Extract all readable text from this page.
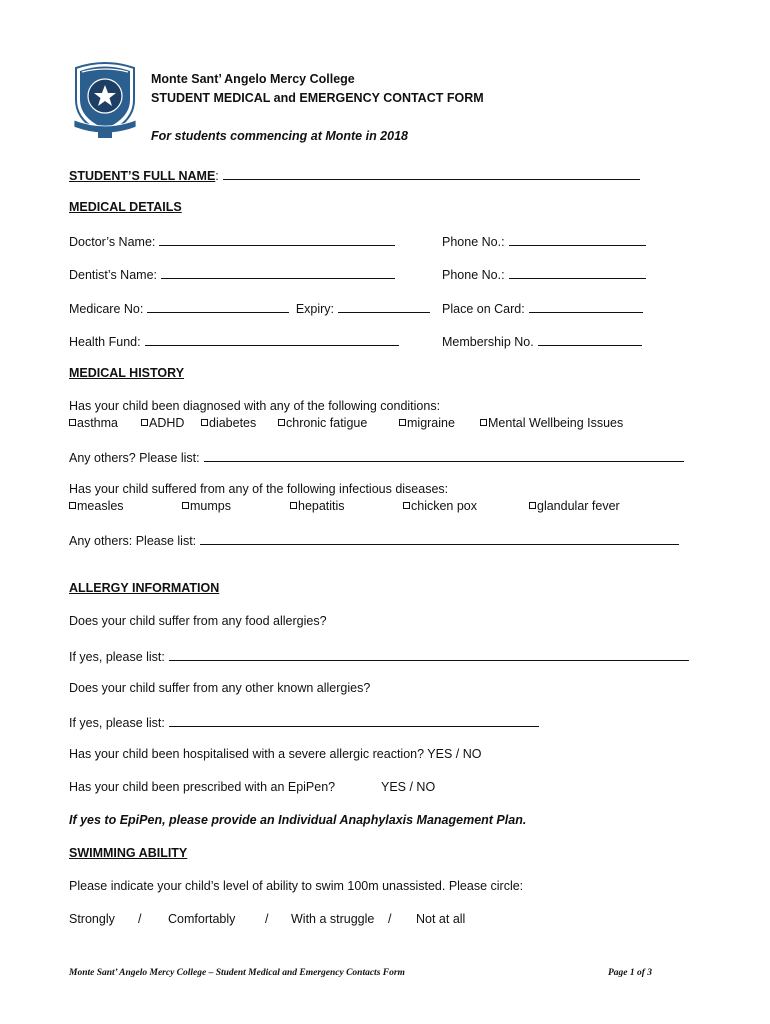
Monte Sant’ Angelo Mercy College
STUDENT MEDICAL and EMERGENCY CONTACT FORM
For students commencing at Monte in 2018
STUDENT’S FULL NAME:
MEDICAL DETAILS
Doctor’s Name:	Phone No.:
Dentist’s Name:	Phone No.:
Medicare No:	Expiry:	Place on Card:
Health Fund:	Membership No.
MEDICAL HISTORY
Has your child been diagnosed with any of the following conditions:
asthma	ADHD	diabetes	chronic fatigue	migraine	Mental Wellbeing Issues
Any others? Please list:
Has your child suffered from any of the following infectious diseases:
measles	mumps	hepatitis	chicken pox	glandular fever
Any others: Please list:
ALLERGY INFORMATION
Does your child suffer from any food allergies?
If yes, please list:
Does your child suffer from any other known allergies?
If yes, please list:
Has your child been hospitalised with a severe allergic reaction? YES / NO
Has your child been prescribed with an EpiPen?	YES / NO
If yes to EpiPen, please provide an Individual Anaphylaxis Management Plan.
SWIMMING ABILITY
Please indicate your child’s level of ability to swim 100m unassisted. Please circle:
Strongly / Comfortably / With a struggle / Not at all
Monte Sant’ Angelo Mercy College – Student Medical and Emergency Contacts Form	Page 1 of 3
